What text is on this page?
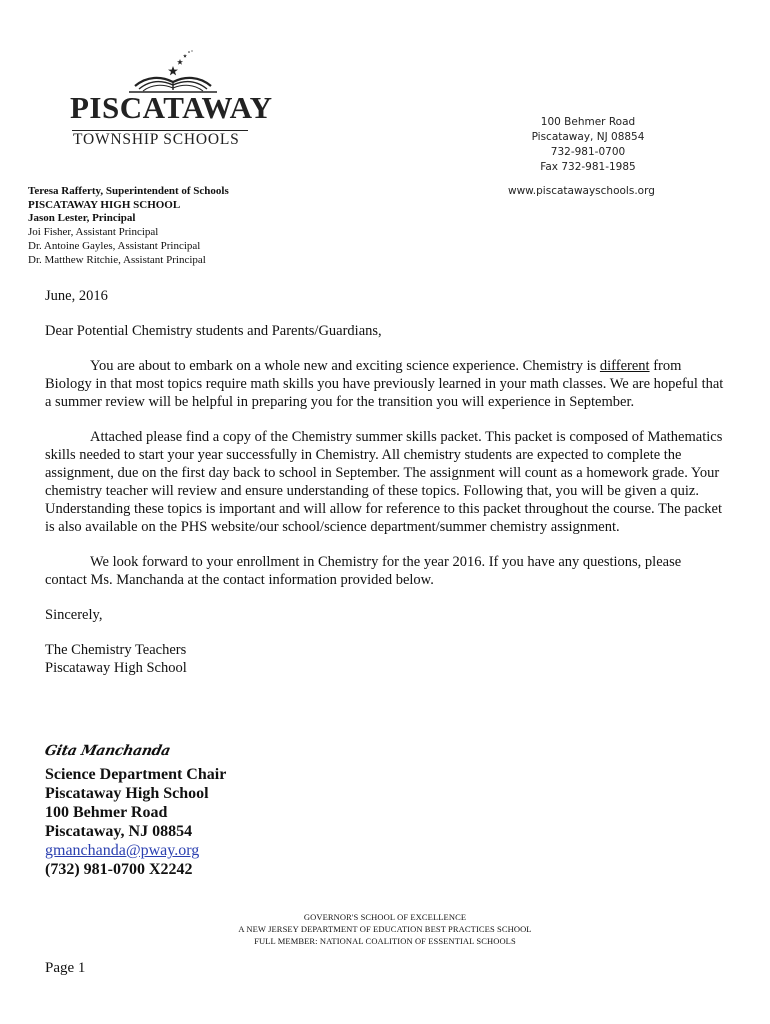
PISCATAWAY
TOWNSHIP SCHOOLS
100 Behmer Road
Piscataway, NJ 08854
732-981-0700
Fax 732-981-1985
www.piscatawayschools.org
Teresa Rafferty, Superintendent of Schools
PISCATAWAY HIGH SCHOOL
Jason Lester, Principal
Joi Fisher, Assistant Principal
Dr. Antoine Gayles, Assistant Principal
Dr. Matthew Ritchie, Assistant Principal

June, 2016

Dear Potential Chemistry students and Parents/Guardians,

You are about to embark on a whole new and exciting science experience. Chemistry is different from Biology in that most topics require math skills you have previously learned in your math classes. We are hopeful that a summer review will be helpful in preparing you for the transition you will experience in September.

Attached please find a copy of the Chemistry summer skills packet. This packet is composed of Mathematics skills needed to start your year successfully in Chemistry. All chemistry students are expected to complete the assignment, due on the first day back to school in September. The assignment will count as a homework grade. Your chemistry teacher will review and ensure understanding of these topics. Following that, you will be given a quiz. Understanding these topics is important and will allow for reference to this packet throughout the course. The packet is also available on the PHS website/our school/science department/summer chemistry assignment.

We look forward to your enrollment in Chemistry for the year 2016. If you have any questions, please contact Ms. Manchanda at the contact information provided below.

Sincerely,

The Chemistry Teachers

Piscataway High School

Gita Manchanda
Science Department Chair
Piscataway High School
100 Behmer Road
Piscataway, NJ 08854
gmanchanda@pway.org
(732) 981-0700 X2242
GOVERNOR'S SCHOOL OF EXCELLENCE
A NEW JERSEY DEPARTMENT OF EDUCATION BEST PRACTICES SCHOOL
FULL MEMBER: NATIONAL COALITION OF ESSENTIAL SCHOOLS
Page 1
